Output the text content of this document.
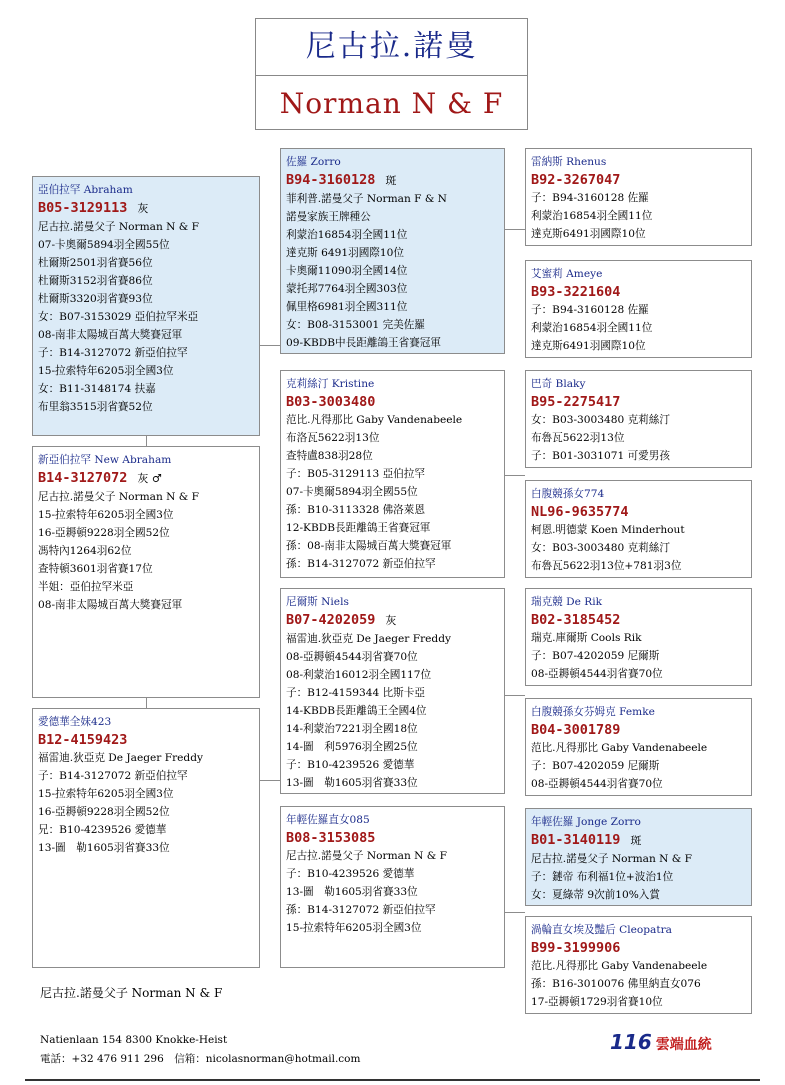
尼古拉.諾曼
Norman N & F
亞伯拉罕 Abraham
B05-3129113 灰
尼古拉.諾曼父子 Norman N & F
07-卡奧爾5894羽全國55位
杜爾斯2501羽省賽56位
杜爾斯3152羽省賽86位
杜爾斯3320羽省賽93位
女：B07-3153029 亞伯拉罕米亞
08-南非太陽城百萬大獎賽冠軍
子：B14-3127072 新亞伯拉罕
15-拉索特年6205羽全國3位
女：B11-3148174 扶嘉
布里翁3515羽省賽52位
新亞伯拉罕 New Abraham
B14-3127072 灰 ♂
尼古拉.諾曼父子 Norman N & F
15-拉索特年6205羽全國3位
16-亞耨頓9228羽全國52位
馮特內1264羽62位
查特頓3601羽省賽17位
半姐：亞伯拉罕米亞
08-南非太陽城百萬大獎賽冠軍
愛德華全妹423
B12-4159423
福雷迪.狄亞克 De Jaeger Freddy
子：B14-3127072 新亞伯拉罕
15-拉索特年6205羽全國3位
16-亞耨頓9228羽全國52位
兄：B10-4239526 愛德華
13-圖　勒1605羽省賽33位
佐羅 Zorro
B94-3160128 斑
菲利普.諾曼父子 Norman F & N
諾曼家族王牌種公
利蒙治16854羽全國11位
達克斯 6491羽國際10位
卡奧爾11090羽全國14位
蒙托邦7764羽全國303位
佩里格6981羽全國311位
女：B08-3153001 完美佐羅
09-KBDB中長距離鴿王省賽冠軍
克莉絲汀 Kristine
B03-3003480
范比.凡得那比 Gaby Vandenabeele
布洛瓦5622羽13位
查特盧838羽28位
子：B05-3129113 亞伯拉罕
07-卡奧爾5894羽全國55位
孫：B10-3113328 佛洛萊恩
12-KBDB長距離鴿王省賽冠軍
孫：08-南非太陽城百萬大獎賽冠軍
孫：B14-3127072 新亞伯拉罕
尼爾斯 Niels
B07-4202059 灰
福雷迪.狄亞克 De Jaeger Freddy
08-亞耨頓4544羽省賽70位
08-利蒙治16012羽全國117位
子：B12-4159344 比斯卡亞
14-KBDB長距離鴿王全國4位
14-利蒙治7221羽全國18位
14-圖　利5976羽全國25位
子：B10-4239526 愛德華
13-圖　勒1605羽省賽33位
年輕佐羅直女085
B08-3153085
尼古拉.諾曼父子 Norman N & F
子：B10-4239526 愛德華
13-圖　勒1605羽省賽33位
孫：B14-3127072 新亞伯拉罕
15-拉索特年6205羽全國3位
雷納斯 Rhenus
B92-3267047
子：B94-3160128 佐羅
利蒙治16854羽全國11位
達克斯6491羽國際10位
艾蜜莉 Ameye
B93-3221604
子：B94-3160128 佐羅
利蒙治16854羽全國11位
達克斯6491羽國際10位
巴奇 Blaky
B95-2275417
女：B03-3003480 克莉絲汀
布魯瓦5622羽13位
子：B01-3031071 可愛男孩
白腹競孫女774
NL96-9635774
柯恩.明德蒙 Koen Minderhout
女：B03-3003480 克莉絲汀
布魯瓦5622羽13位+781羽3位
瑞克競 De Rik
B02-3185452
瑞克.庫爾斯 Cools Rik
子：B07-4202059 尼爾斯
08-亞耨頓4544羽省賽70位
白腹競孫女芬姆克 Femke
B04-3001789
范比.凡得那比 Gaby Vandenabeele
子：B07-4202059 尼爾斯
08-亞耨頓4544羽省賽70位
年輕佐羅 Jonge Zorro
B01-3140119 斑
尼古拉.諾曼父子 Norman N & F
子：鏈帝 布利福1位+波治1位
女：夏綠蒂 9次前10%入賞
渦輪直女埃及豔后 Cleopatra
B99-3199906
范比.凡得那比 Gaby Vandenabeele
孫：B16-3010076 佛里納直女076
17-亞耨頓1729羽省賽10位
尼古拉.諾曼父子 Norman N & F
Natienlaan 154 8300 Knokke-Heist
電話：+32 476 911 296　信箱：nicolasnorman@hotmail.com
116 雲端血統
